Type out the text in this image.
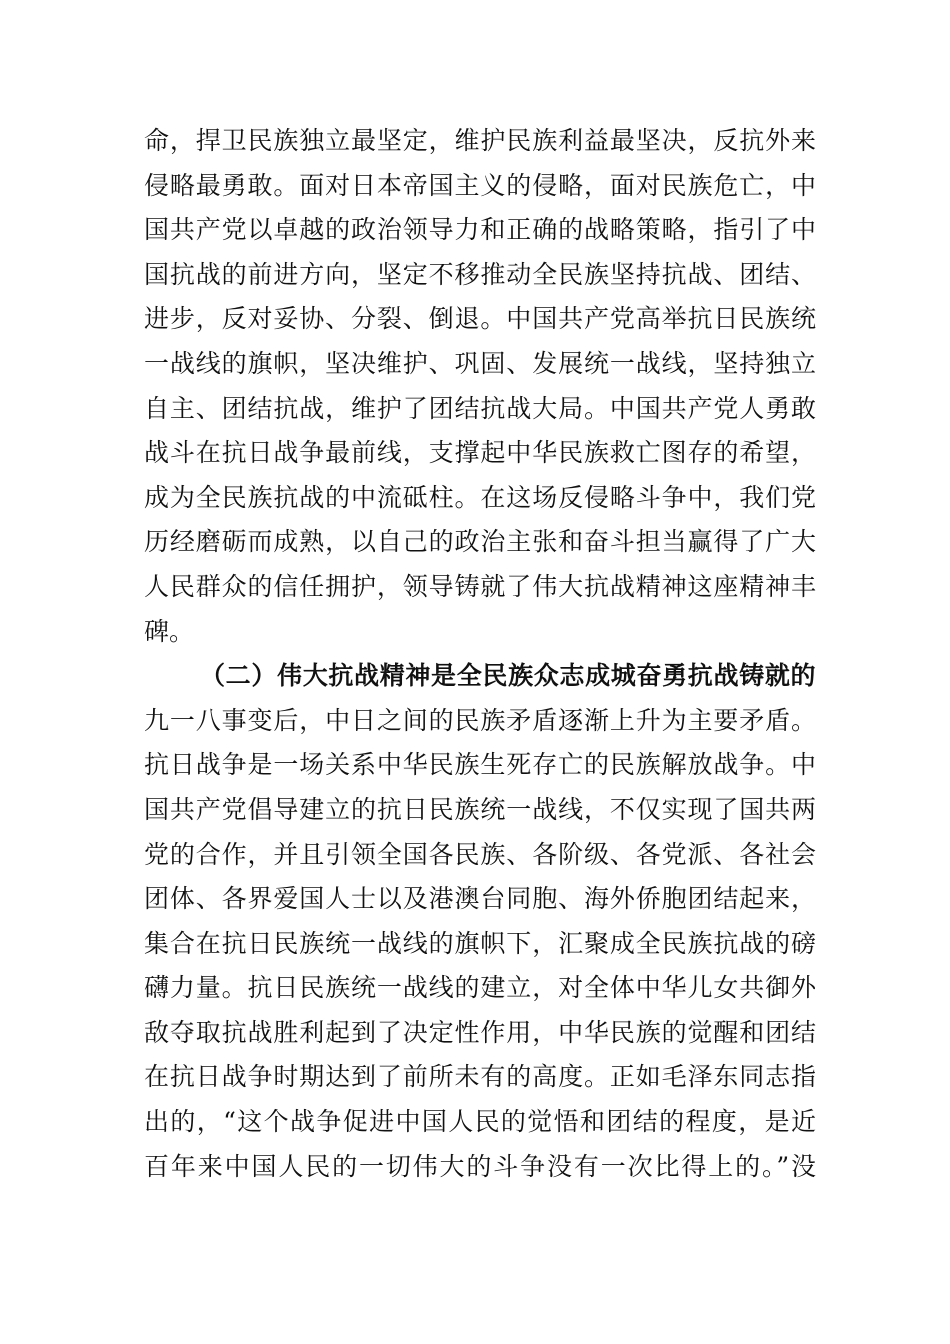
命，捍卫民族独立最坚定，维护民族利益最坚决，反抗外来
侵略最勇敢。面对日本帝国主义的侵略，面对民族危亡，中
国共产党以卓越的政治领导力和正确的战略策略，指引了中
国抗战的前进方向，坚定不移推动全民族坚持抗战、团结、
进步，反对妥协、分裂、倒退。中国共产党高举抗日民族统
一战线的旗帜，坚决维护、巩固、发展统一战线，坚持独立
自主、团结抗战，维护了团结抗战大局。中国共产党人勇敢
战斗在抗日战争最前线，支撑起中华民族救亡图存的希望，
成为全民族抗战的中流砥柱。在这场反侵略斗争中，我们党
历经磨砺而成熟，以自己的政治主张和奋斗担当赢得了广大
人民群众的信任拥护，领导铸就了伟大抗战精神这座精神丰
碑。
（二）伟大抗战精神是全民族众志成城奋勇抗战铸就的
九一八事变后，中日之间的民族矛盾逐渐上升为主要矛盾。
抗日战争是一场关系中华民族生死存亡的民族解放战争。中
国共产党倡导建立的抗日民族统一战线，不仅实现了国共两
党的合作，并且引领全国各民族、各阶级、各党派、各社会
团体、各界爱国人士以及港澳台同胞、海外侨胞团结起来，
集合在抗日民族统一战线的旗帜下，汇聚成全民族抗战的磅
礴力量。抗日民族统一战线的建立，对全体中华儿女共御外
敌夺取抗战胜利起到了决定性作用，中华民族的觉醒和团结
在抗日战争时期达到了前所未有的高度。正如毛泽东同志指
出的，“这个战争促进中国人民的觉悟和团结的程度，是近
百年来中国人民的一切伟大的斗争没有一次比得上的。”没
